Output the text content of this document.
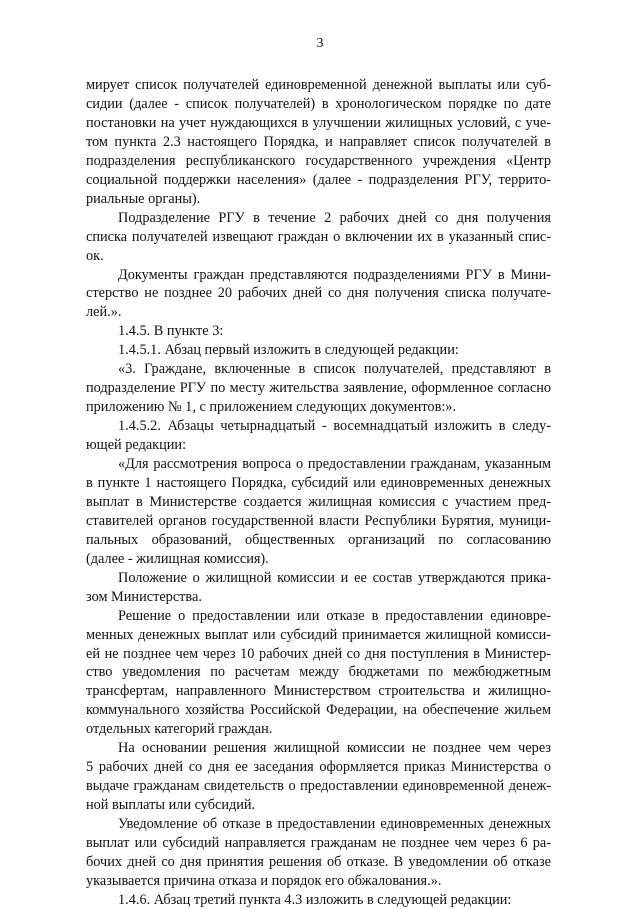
3
мирует список получателей единовременной денежной выплаты или суб-
сидии (далее - список получателей) в хронологическом порядке по дате
постановки на учет нуждающихся в улучшении жилищных условий, с уче-
том пункта 2.3 настоящего Порядка, и направляет список получателей в
подразделения республиканского государственного учреждения «Центр
социальной поддержки населения» (далее - подразделения РГУ, террито-
риальные органы).
Подразделение РГУ в течение 2 рабочих дней со дня получения
списка получателей извещают граждан о включении их в указанный спис-
ок.
Документы граждан представляются подразделениями РГУ в Мини-
стерство не позднее 20 рабочих дней со дня получения списка получате-
лей.».
1.4.5. В пункте 3:
1.4.5.1. Абзац первый изложить в следующей редакции:
«3. Граждане, включенные в список получателей, представляют в
подразделение РГУ по месту жительства заявление, оформленное согласно
приложению № 1, с приложением следующих документов:».
1.4.5.2. Абзацы четырнадцатый - восемнадцатый изложить в следу-
ющей редакции:
«Для рассмотрения вопроса о предоставлении гражданам, указанным
в пункте 1 настоящего Порядка, субсидий или единовременных денежных
выплат в Министерстве создается жилищная комиссия с участием пред-
ставителей органов государственной власти Республики Бурятия, муници-
пальных образований, общественных организаций по согласованию
(далее - жилищная комиссия).
Положение о жилищной комиссии и ее состав утверждаются прика-
зом Министерства.
Решение о предоставлении или отказе в предоставлении единовре-
менных денежных выплат или субсидий принимается жилищной комисси-
ей не позднее чем через 10 рабочих дней со дня поступления в Министер-
ство уведомления по расчетам между бюджетами по межбюджетным
трансфертам, направленного Министерством строительства и жилищно-
коммунального хозяйства Российской Федерации, на обеспечение жильем
отдельных категорий граждан.
На основании решения жилищной комиссии не позднее чем через
5 рабочих дней со дня ее заседания оформляется приказ Министерства о
выдаче гражданам свидетельств о предоставлении единовременной денеж-
ной выплаты или субсидий.
Уведомление об отказе в предоставлении единовременных денежных
выплат или субсидий направляется гражданам не позднее чем через 6 ра-
бочих дней со дня принятия решения об отказе. В уведомлении об отказе
указывается причина отказа и порядок его обжалования.».
1.4.6. Абзац третий пункта 4.3 изложить в следующей редакции:
